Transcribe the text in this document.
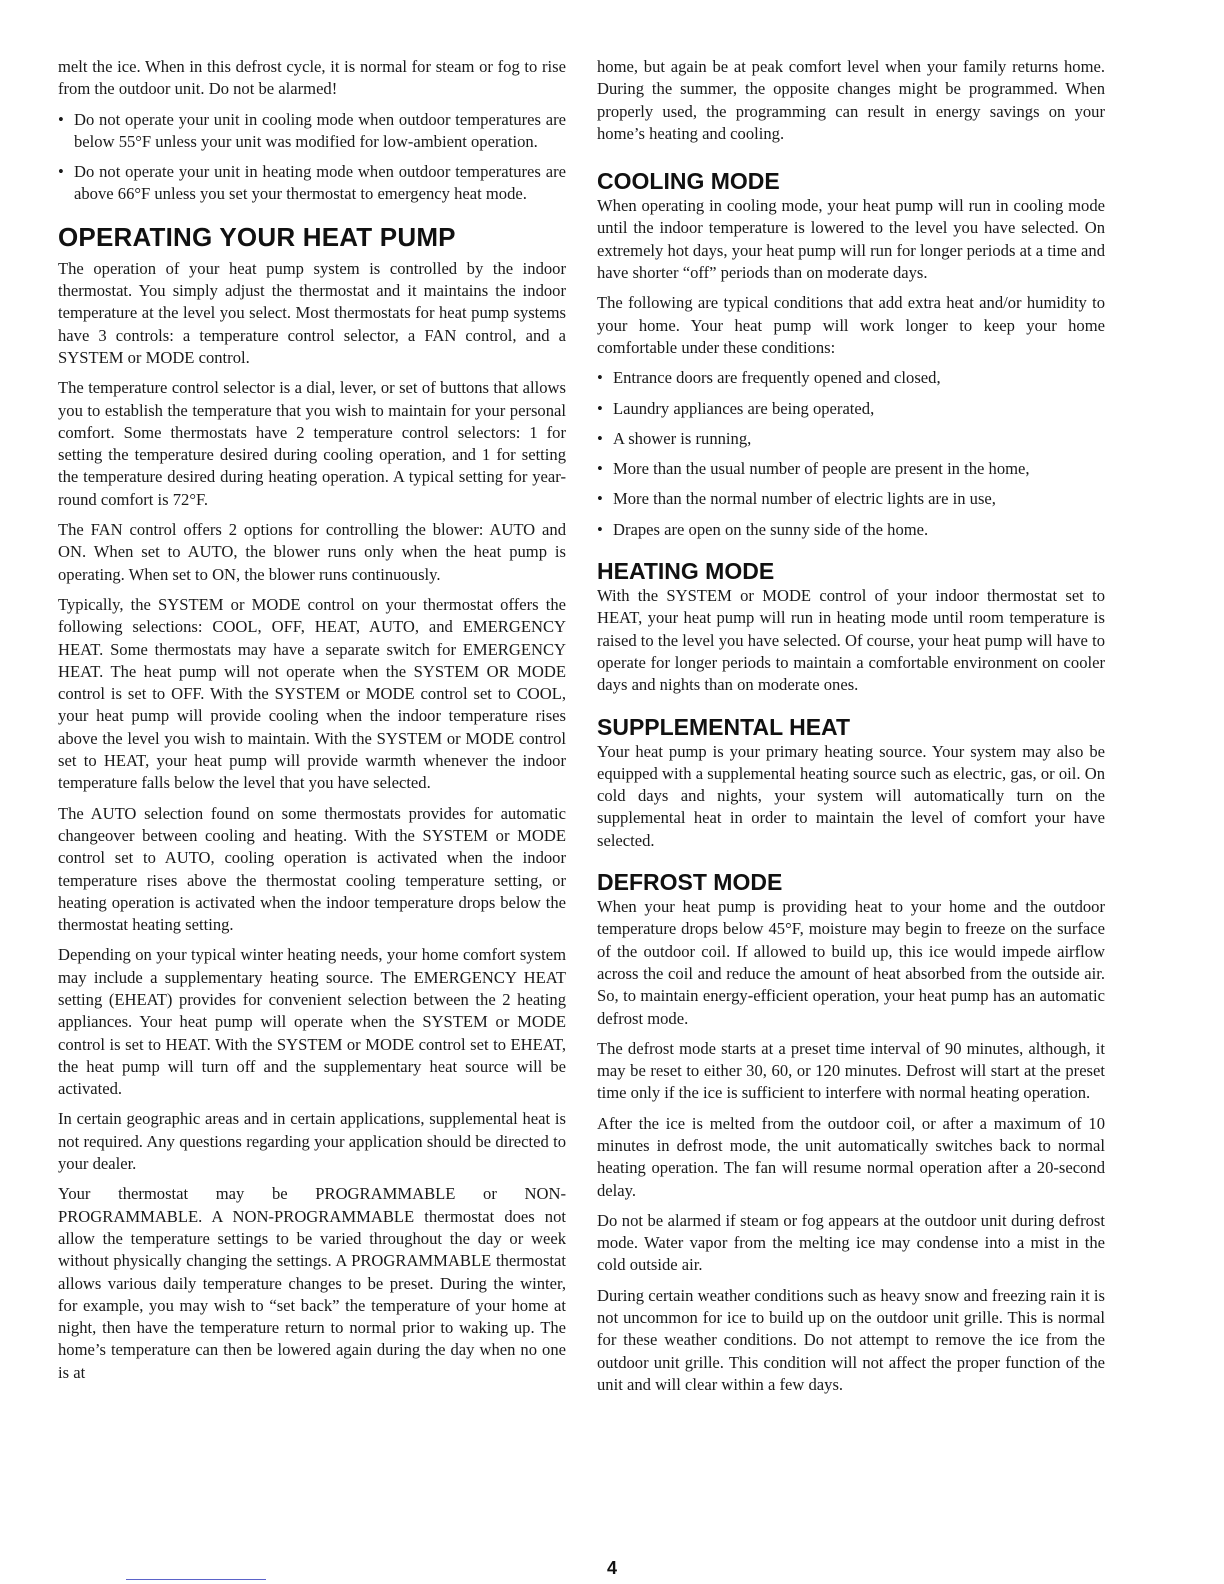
melt the ice. When in this defrost cycle, it is normal for steam or fog to rise from the outdoor unit. Do not be alarmed!

• Do not operate your unit in cooling mode when outdoor temperatures are below 55°F unless your unit was modified for low-ambient operation.
• Do not operate your unit in heating mode when outdoor temperatures are above 66°F unless you set your thermostat to emergency heat mode.
OPERATING YOUR HEAT PUMP

The operation of your heat pump system is controlled by the indoor thermostat. You simply adjust the thermostat and it maintains the indoor temperature at the level you select. Most thermostats for heat pump systems have 3 controls: a temperature control selector, a FAN control, and a SYSTEM or MODE control.

The temperature control selector is a dial, lever, or set of buttons that allows you to establish the temperature that you wish to maintain for your personal comfort. Some thermostats have 2 temperature control selectors: 1 for setting the temperature desired during cooling operation, and 1 for setting the temperature desired during heating operation. A typical setting for year-round comfort is 72°F.

The FAN control offers 2 options for controlling the blower: AUTO and ON. When set to AUTO, the blower runs only when the heat pump is operating. When set to ON, the blower runs continuously.

Typically, the SYSTEM or MODE control on your thermostat offers the following selections: COOL, OFF, HEAT, AUTO, and EMERGENCY HEAT. Some thermostats may have a separate switch for EMERGENCY HEAT. The heat pump will not operate when the SYSTEM OR MODE control is set to OFF. With the SYSTEM or MODE control set to COOL, your heat pump will provide cooling when the indoor temperature rises above the level you wish to maintain. With the SYSTEM or MODE control set to HEAT, your heat pump will provide warmth whenever the indoor temperature falls below the level that you have selected.

The AUTO selection found on some thermostats provides for automatic changeover between cooling and heating. With the SYSTEM or MODE control set to AUTO, cooling operation is activated when the indoor temperature rises above the thermostat cooling temperature setting, or heating operation is activated when the indoor temperature drops below the thermostat heating setting.

Depending on your typical winter heating needs, your home comfort system may include a supplementary heating source. The EMERGENCY HEAT setting (EHEAT) provides for convenient selection between the 2 heating appliances. Your heat pump will operate when the SYSTEM or MODE control is set to HEAT. With the SYSTEM or MODE control set to EHEAT, the heat pump will turn off and the supplementary heat source will be activated.

In certain geographic areas and in certain applications, supplemental heat is not required. Any questions regarding your application should be directed to your dealer.

Your thermostat may be PROGRAMMABLE or NON-PROGRAMMABLE. A NON-PROGRAMMABLE thermostat does not allow the temperature settings to be varied throughout the day or week without physically changing the settings. A PROGRAMMABLE thermostat allows various daily temperature changes to be preset. During the winter, for example, you may wish to “set back” the temperature of your home at night, then have the temperature return to normal prior to waking up. The home’s temperature can then be lowered again during the day when no one is at

home, but again be at peak comfort level when your family returns home. During the summer, the opposite changes might be programmed. When properly used, the programming can result in energy savings on your home’s heating and cooling.

COOLING MODE

When operating in cooling mode, your heat pump will run in cooling mode until the indoor temperature is lowered to the level you have selected. On extremely hot days, your heat pump will run for longer periods at a time and have shorter “off” periods than on moderate days.

The following are typical conditions that add extra heat and/or humidity to your home. Your heat pump will work longer to keep your home comfortable under these conditions:

• Entrance doors are frequently opened and closed,
• Laundry appliances are being operated,
• A shower is running,
• More than the usual number of people are present in the home,
• More than the normal number of electric lights are in use,
• Drapes are open on the sunny side of the home.
HEATING MODE

With the SYSTEM or MODE control of your indoor thermostat set to HEAT, your heat pump will run in heating mode until room temperature is raised to the level you have selected. Of course, your heat pump will have to operate for longer periods to maintain a comfortable environment on cooler days and nights than on moderate ones.

SUPPLEMENTAL HEAT

Your heat pump is your primary heating source. Your system may also be equipped with a supplemental heating source such as electric, gas, or oil. On cold days and nights, your system will automatically turn on the supplemental heat in order to maintain the level of comfort your have selected.

DEFROST MODE

When your heat pump is providing heat to your home and the outdoor temperature drops below 45°F, moisture may begin to freeze on the surface of the outdoor coil. If allowed to build up, this ice would impede airflow across the coil and reduce the amount of heat absorbed from the outside air. So, to maintain energy-efficient operation, your heat pump has an automatic defrost mode.

The defrost mode starts at a preset time interval of 90 minutes, although, it may be reset to either 30, 60, or 120 minutes. Defrost will start at the preset time only if the ice is sufficient to interfere with normal heating operation.

After the ice is melted from the outdoor coil, or after a maximum of 10 minutes in defrost mode, the unit automatically switches back to normal heating operation. The fan will resume normal operation after a 20-second delay.

Do not be alarmed if steam or fog appears at the outdoor unit during defrost mode. Water vapor from the melting ice may condense into a mist in the cold outside air.

During certain weather conditions such as heavy snow and freezing rain it is not uncommon for ice to build up on the outdoor unit grille. This is normal for these weather conditions. Do not attempt to remove the ice from the outdoor unit grille. This condition will not affect the proper function of the unit and will clear within a few days.

4
